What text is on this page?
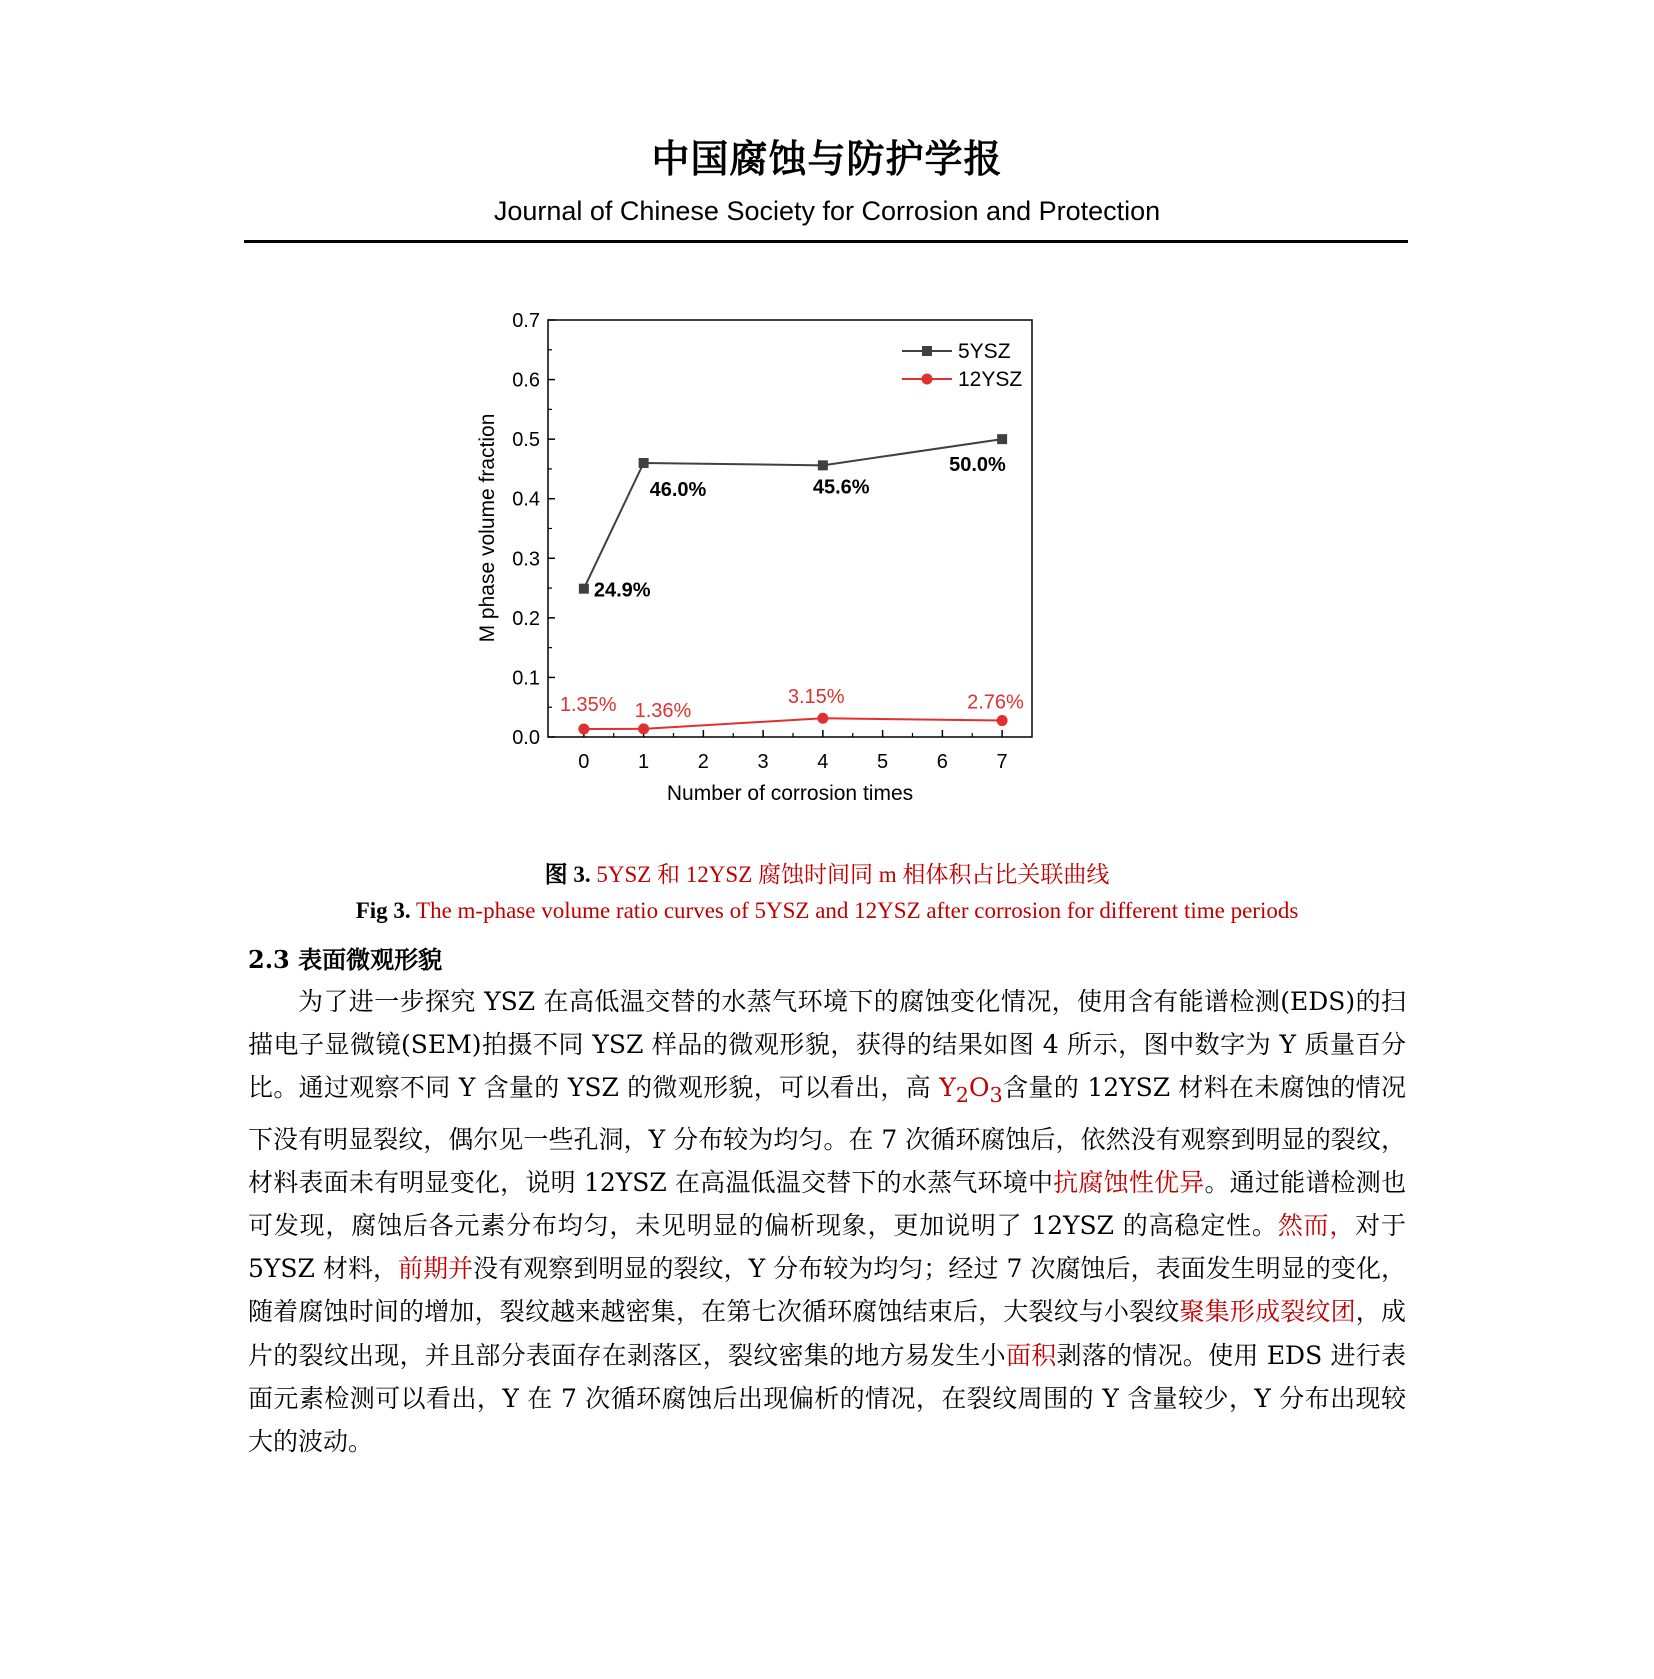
中国腐蚀与防护学报
Journal of Chinese Society for Corrosion and Protection
0.0
0.1
0.2
0.3
0.4
0.5
0.6
0.7
0 1 2 3 4 5 6 7
24.9%
46.0%	45.6%
50.0%
1.35% 1.36%
3.15%	2.76%
5YSZ
12YSZ
Number of corrosion times
M phase volume fraction
图 3. 5YSZ 和 12YSZ 腐蚀时间同 m 相体积占比关联曲线
Fig 3. The m-phase volume ratio curves of 5YSZ and 12YSZ after corrosion for different time periods
2.3 表面微观形貌

为了进一步探究 YSZ 在高低温交替的水蒸气环境下的腐蚀变化情况，使用含有能谱检测(EDS)的扫描电子显微镜(SEM)拍摄不同 YSZ 样品的微观形貌，获得的结果如图 4 所示，图中数字为 Y 质量百分比。通过观察不同 Y 含量的 YSZ 的微观形貌，可以看出，高 $Y_2O_3$含量的 12YSZ 材料在未腐蚀的情况下没有明显裂纹，偶尔见一些孔洞，Y 分布较为均匀。在 7 次循环腐蚀后，依然没有观察到明显的裂纹，材料表面未有明显变化，说明 12YSZ 在高温低温交替下的水蒸气环境中抗腐蚀性优异。通过能谱检测也可发现，腐蚀后各元素分布均匀，未见明显的偏析现象，更加说明了 12YSZ 的高稳定性。然而，对于 5YSZ 材料，前期并没有观察到明显的裂纹，Y 分布较为均匀；经过 7 次腐蚀后，表面发生明显的变化，随着腐蚀时间的增加，裂纹越来越密集，在第七次循环腐蚀结束后，大裂纹与小裂纹聚集形成裂纹团，成片的裂纹出现，并且部分表面存在剥落区，裂纹密集的地方易发生小面积剥落的情况。使用 EDS 进行表面元素检测可以看出，Y 在 7 次循环腐蚀后出现偏析的情况，在裂纹周围的 Y 含量较少，Y 分布出现较大的波动。
